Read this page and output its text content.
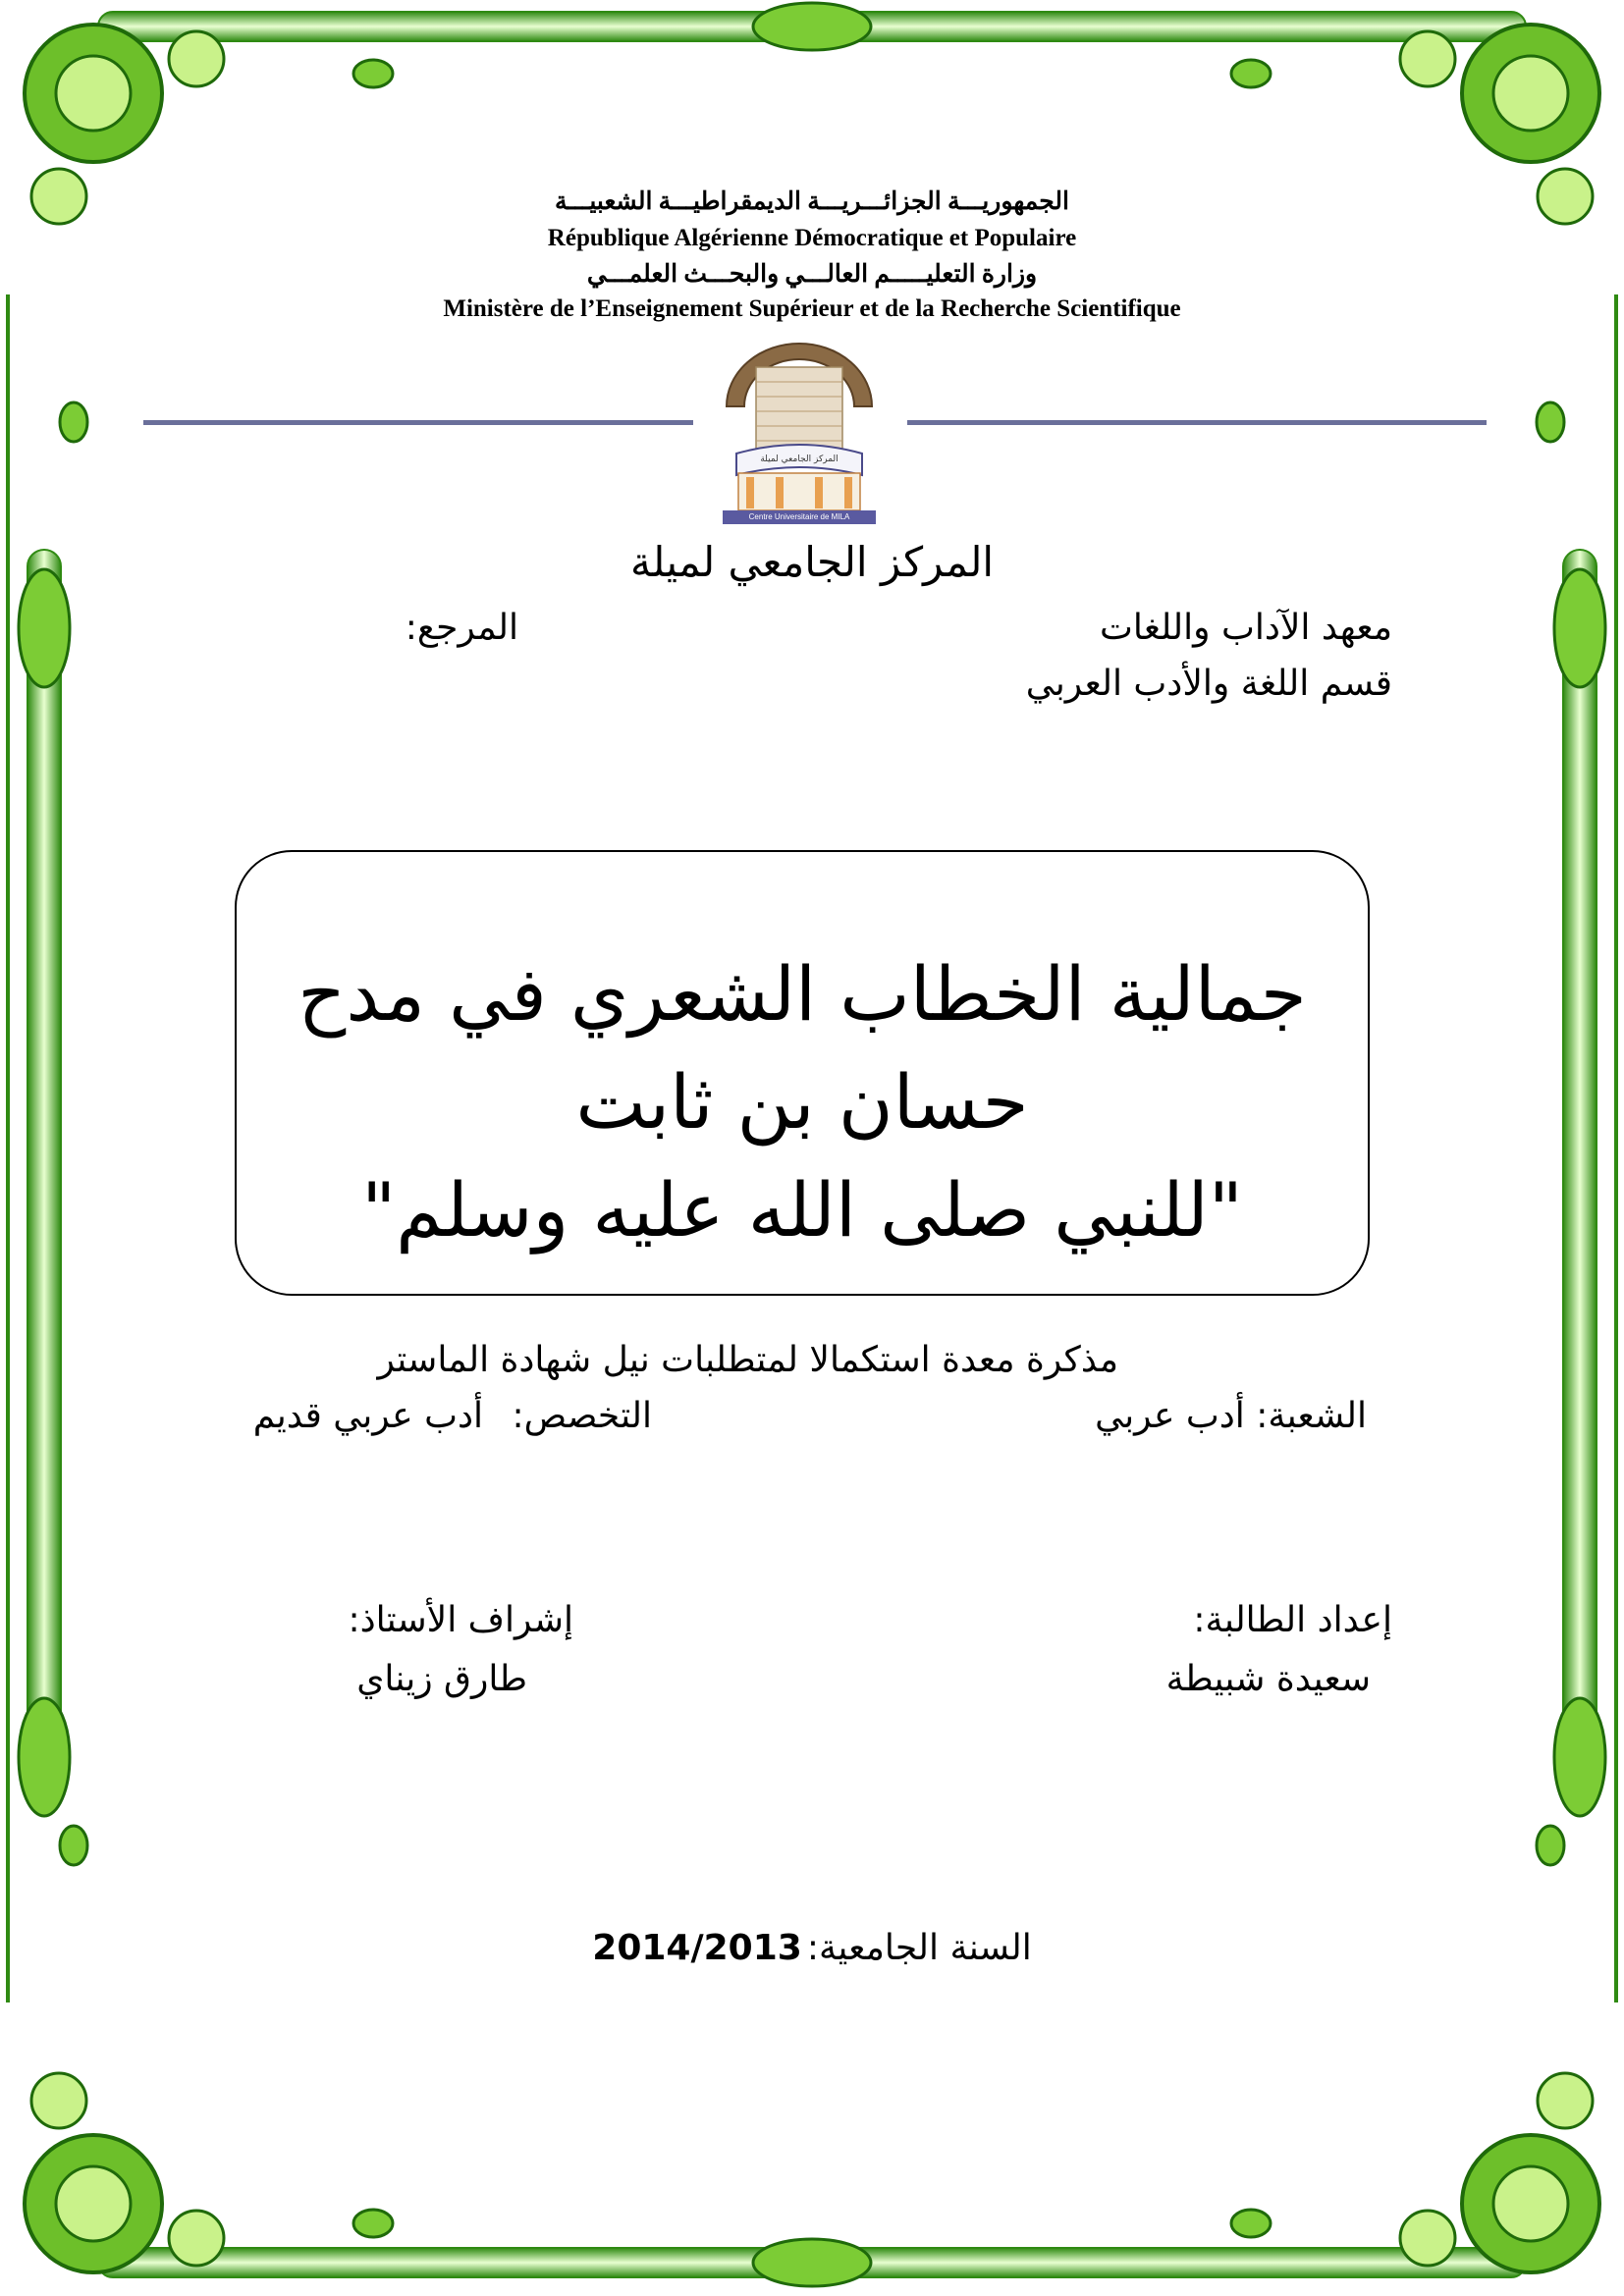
الجمهوريـــة الجزائـــريـــة الديمقراطيـــة الشعبيـــة
République Algérienne Démocratique et Populaire
وزارة التعليـــــم العالـــي والبحـــث العلمـــي
Ministère de l’Enseignement Supérieur et de la Recherche Scientifique
Centre Universitaire de MILA
المركز الجامعي لميلة
المركز الجامعي لميلة
معهد الآداب واللغات
قسم اللغة والأدب العربي
المرجع:
جمالية الخطاب الشعري في مدح
حسان بن ثابت
"للنبي صلى الله عليه وسلم"
مذكرة معدة استكمالا لمتطلبات نيل شهادة الماستر
الشعبة: أدب عربي
التخصص:
أدب عربي قديم
إعداد الطالبة:
سعيدة شبيطة
إشراف الأستاذ:
طارق زيناي
السنة الجامعية: 2014/2013
